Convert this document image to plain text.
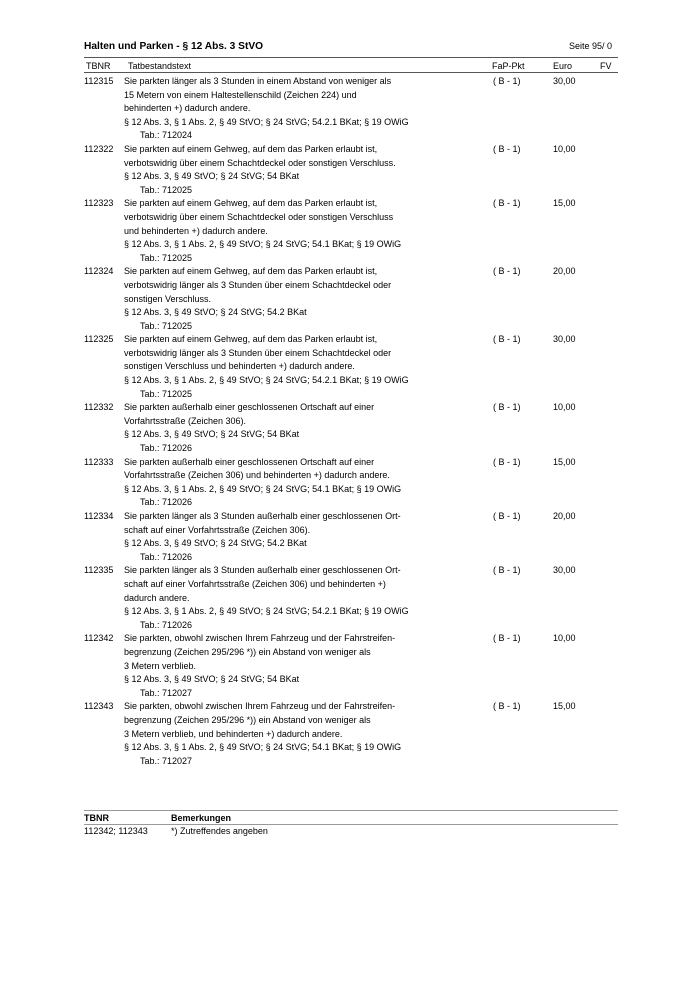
Halten und Parken - § 12 Abs. 3 StVO	Seite 95/ 0
TBNR Tatbestandstext	FaP-Pkt	Euro	FV
112315	Sie parkten länger als 3 Stunden in einem Abstand von weniger als
15 Metern von einem Haltestellenschild (Zeichen 224) und
behinderten +) dadurch andere.
§ 12 Abs. 3, § 1 Abs. 2, § 49 StVO; § 24 StVG; 54.2.1 BKat; § 19 OWiG
Tab.: 712024
( B - 1)	30,00
112322	Sie parkten auf einem Gehweg, auf dem das Parken erlaubt ist,
verbotswidrig über einem Schachtdeckel oder sonstigen Verschluss.
§ 12 Abs. 3, § 49 StVO; § 24 StVG; 54 BKat
Tab.: 712025
( B - 1)	10,00
112323	Sie parkten auf einem Gehweg, auf dem das Parken erlaubt ist,
verbotswidrig über einem Schachtdeckel oder sonstigen Verschluss
und behinderten +) dadurch andere.
§ 12 Abs. 3, § 1 Abs. 2, § 49 StVO; § 24 StVG; 54.1 BKat; § 19 OWiG
Tab.: 712025
( B - 1)	15,00
112324	Sie parkten auf einem Gehweg, auf dem das Parken erlaubt ist,
verbotswidrig länger als 3 Stunden über einem Schachtdeckel oder
sonstigen Verschluss.
§ 12 Abs. 3, § 49 StVO; § 24 StVG; 54.2 BKat
Tab.: 712025
( B - 1)	20,00
112325	Sie parkten auf einem Gehweg, auf dem das Parken erlaubt ist,
verbotswidrig länger als 3 Stunden über einem Schachtdeckel oder
sonstigen Verschluss und behinderten +) dadurch andere.
§ 12 Abs. 3, § 1 Abs. 2, § 49 StVO; § 24 StVG; 54.2.1 BKat; § 19 OWiG
Tab.: 712025
( B - 1)	30,00
112332	Sie parkten außerhalb einer geschlossenen Ortschaft auf einer
Vorfahrtsstraße (Zeichen 306).
§ 12 Abs. 3, § 49 StVO; § 24 StVG; 54 BKat
Tab.: 712026
( B - 1)	10,00
112333	Sie parkten außerhalb einer geschlossenen Ortschaft auf einer
Vorfahrtsstraße (Zeichen 306) und behinderten +) dadurch andere.
§ 12 Abs. 3, § 1 Abs. 2, § 49 StVO; § 24 StVG; 54.1 BKat; § 19 OWiG
Tab.: 712026
( B - 1)	15,00
112334	Sie parkten länger als 3 Stunden außerhalb einer geschlossenen Ort-
schaft auf einer Vorfahrtsstraße (Zeichen 306).
§ 12 Abs. 3, § 49 StVO; § 24 StVG; 54.2 BKat
Tab.: 712026
( B - 1)	20,00
112335	Sie parkten länger als 3 Stunden außerhalb einer geschlossenen Ort-
schaft auf einer Vorfahrtsstraße (Zeichen 306) und behinderten +)
dadurch andere.
§ 12 Abs. 3, § 1 Abs. 2, § 49 StVO; § 24 StVG; 54.2.1 BKat; § 19 OWiG
Tab.: 712026
( B - 1)	30,00
112342	Sie parkten, obwohl zwischen Ihrem Fahrzeug und der Fahrstreifen-
begrenzung (Zeichen 295/296 *)) ein Abstand von weniger als
3 Metern verblieb.
§ 12 Abs. 3, § 49 StVO; § 24 StVG; 54 BKat
Tab.: 712027
( B - 1)	10,00
112343	Sie parkten, obwohl zwischen Ihrem Fahrzeug und der Fahrstreifen-
begrenzung (Zeichen 295/296 *)) ein Abstand von weniger als
3 Metern verblieb, und behinderten +) dadurch andere.
§ 12 Abs. 3, § 1 Abs. 2, § 49 StVO; § 24 StVG; 54.1 BKat; § 19 OWiG
Tab.: 712027
( B - 1)	15,00
TBNR	Bemerkungen
112342; 112343	*) Zutreffendes angeben
